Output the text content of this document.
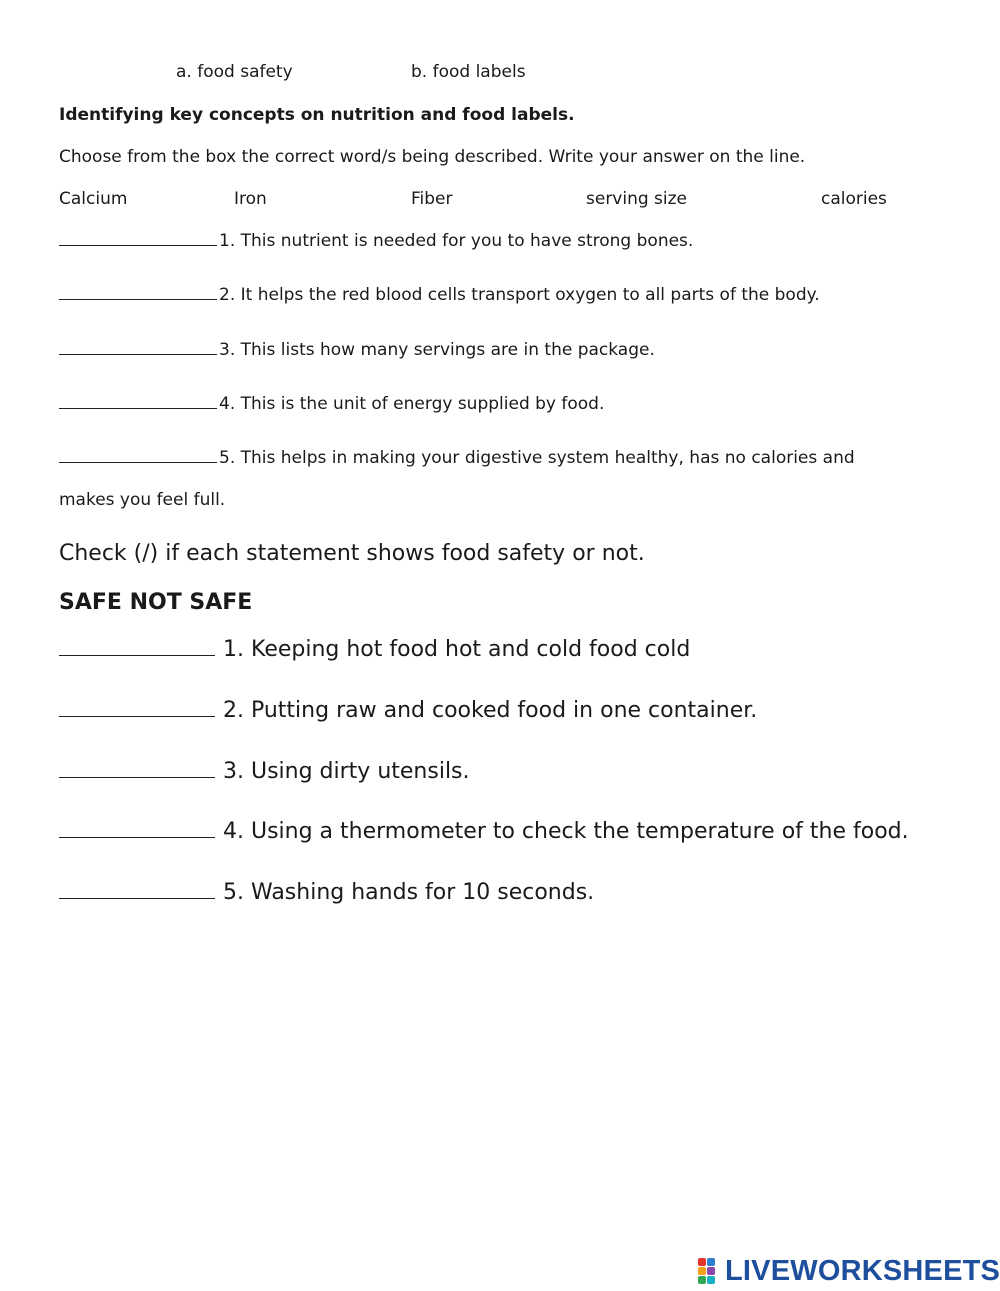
a. food safety	b. food labels
Identifying key concepts on nutrition and food labels.
Choose from the box the correct word/s being described. Write your answer on the line.
Calcium	Iron	Fiber	serving size	calories
1. This nutrient is needed for you to have strong bones.
2. It helps the red blood cells transport oxygen to all parts of the body.
3. This lists how many servings are in the package.
4. This is the unit of energy supplied by food.
5. This helps in making your digestive system healthy, has no calories and
makes you feel full.
Check (/) if each statement shows food safety or not.
SAFE NOT SAFE
1. Keeping hot food hot and cold food cold
2. Putting raw and cooked food in one container.
3. Using dirty utensils.
4. Using a thermometer to check the temperature of the food.
5. Washing hands for 10 seconds.
LIVEWORKSHEETS
